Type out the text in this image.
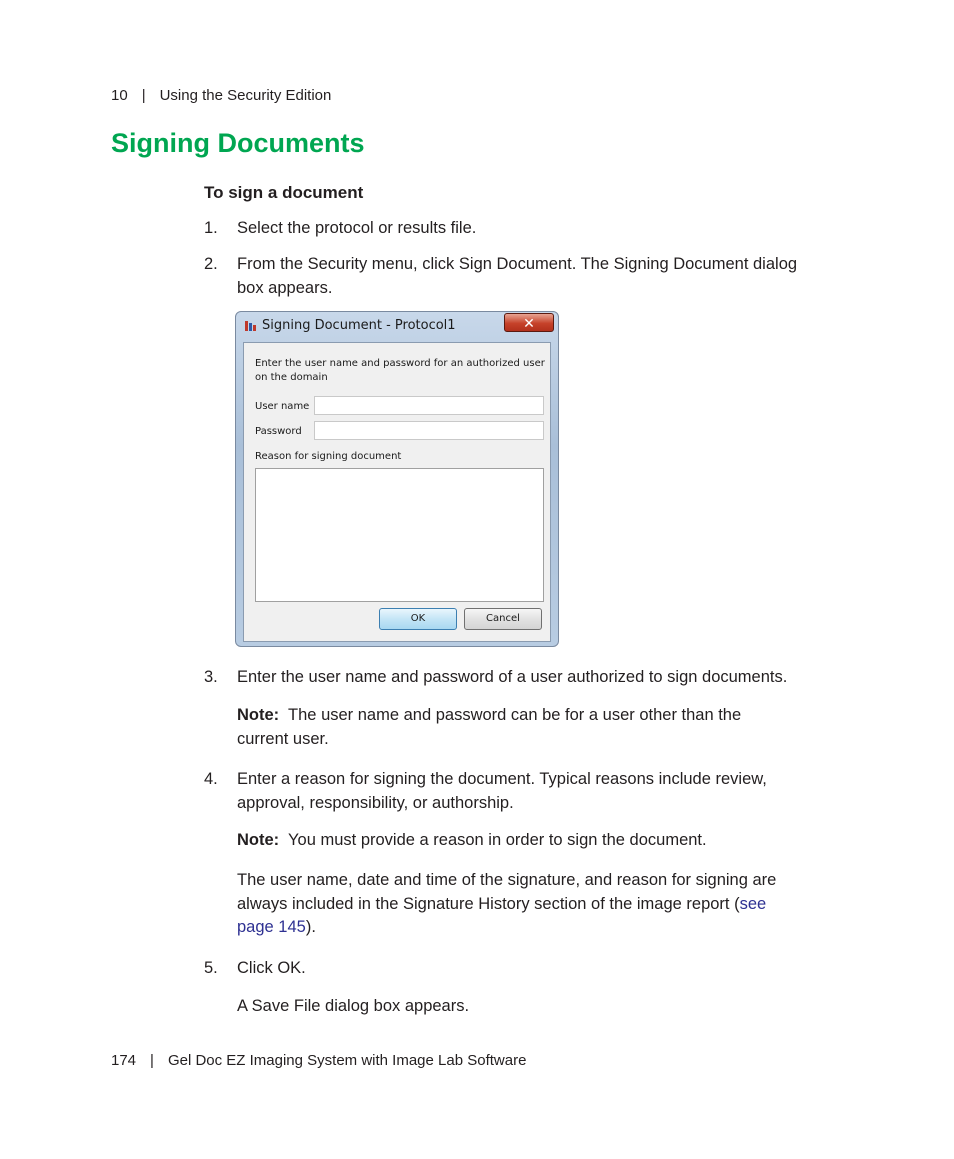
10 | Using the Security Edition
Signing Documents
To sign a document
1. Select the protocol or results file.
2. From the Security menu, click Sign Document. The Signing Document dialog
box appears.
Signing Document - Protocol1	✕
Enter the user name and password for an authorized user
on the domain
User name
Password
Reason for signing document
OK	Cancel
3. Enter the user name and password of a user authorized to sign documents.
Note: The user name and password can be for a user other than the
current user.
4. Enter a reason for signing the document. Typical reasons include review,
approval, responsibility, or authorship.
Note: You must provide a reason in order to sign the document.
The user name, date and time of the signature, and reason for signing are
always included in the Signature History section of the image report (see
page 145).
5. Click OK.
A Save File dialog box appears.
174 | Gel Doc EZ Imaging System with Image Lab Software
